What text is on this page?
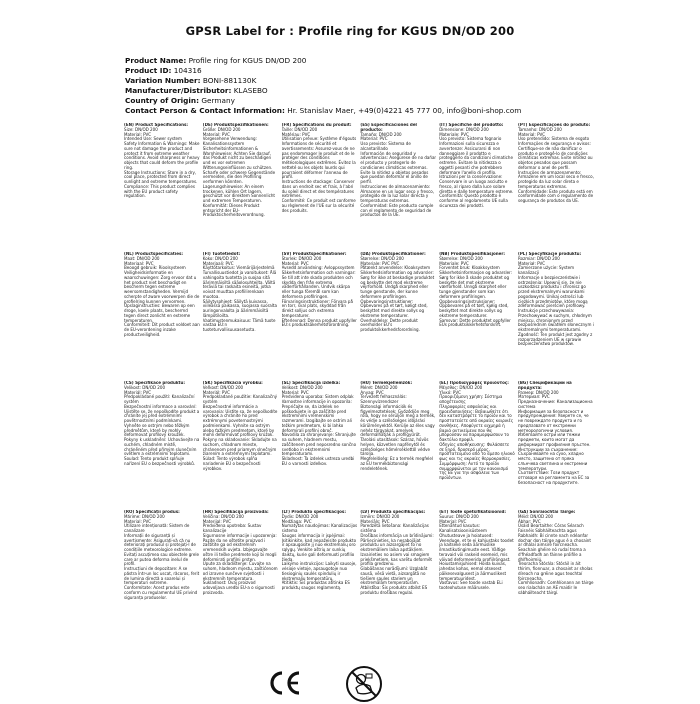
GPSR Label for : Profile ring for KGUS DN/OD 200
Product Name: Profile ring for KGUS DN/OD 200
Product ID: 104316
Variation Number: BONI-881130K
Manufacturer/Distributor: KLASEBO
Country of Origin: Germany
Contact Person & Contact Information: Hr. Stanislav Maer, +49(0)4221 45 777 00, info@boni-shop.com
(EN) Product Specifications:
Size: DN/OD 200
Material: PVC
Intended Use: Sewer system
Safety Information & Warnings: Make sure not damage the product and protect it from extreme weather conditions. Avoid sharpness or heavy objects that could deform the profile ring.
Storage Instructions: Store in a dry, cool place, protected from direct sunlight and extreme temperatures.
Compliance: This product complies with the EU product safety regulation.
(DE) Produktspezifikationen:
Größe: DN/OD 200
Material: PVC
Vorgesehene Verwendung: Kanalisationssystem
Sicherheitsinformationen & Warnhinweise: Achten Sie darauf, das Produkt nicht zu beschädigen und es vor extremen Witterungseinflüssen zu schützen. Scharfe oder schwere Gegenstände vermeiden, die den Profilring verformen könnten.
Lagerungshinweise: An einem trockenen, kühlen Ort lagern, geschützt vor direktem Sonnenlicht und extremen Temperaturen.
Konformität: Dieses Produkt entspricht der EU-Produktsicherheitsverordnung.
(FR) Spécifications du produit:
Taille: DN/OD 200
Matériau: PVC
Utilisation prévue: Système d'égouts
Informations de sécurité et avertissements: Assurez-vous de ne pas endommager le produit et de le protéger des conditions météorologiques extrêmes. Évitez la netteté ou les objets lourds qui pourraient déformer l'anneau de profil.
Instructions de stockage: Conserver dans un endroit sec et frais, à l'abri du soleil direct et des températures extrêmes.
Conformité: Ce produit est conforme au règlement de l'UE sur la sécurité des produits.
(ES) Especificaciones del producto:
Tamaño: DN/OD 200
Material: PVC
Uso previsto: Sistema de alcantarillado
Información de seguridad y advertencias: Asegúrese de no dañar el producto y protegerlo de condiciones climáticas extremas. Evite la nitidez u objetos pesados que puedan deformar el anillo de perfil.
Instrucciones de almacenamiento: Almacene en un lugar seco y fresco, protegido de la luz solar directa y temperaturas extremas.
Conformidad: Este producto cumple con el reglamento de seguridad de productos de la UE.
(IT) Specifiche del prodotto:
Dimensione: DN/OD 200
Materiale: PVC
Uso previsto: Sistema fognario
Informazioni sulla sicurezza e avvertenze: Assicurarsi di non danneggiare il prodotto e proteggerlo da condizioni climatiche estreme. Evitare la nitidezza o oggetti pesanti che potrebbero deformare l'anello di profilo.
Istruzioni per la conservazione: Conservare in un luogo asciutto e fresco, al riparo dalla luce solare diretta e dalle temperature estreme.
Conformità: Questo prodotto è conforme al regolamento UE sulla sicurezza dei prodotti.
(PT) Especificações do produto:
Tamanho: DN/OD 200
Material: PVC
Uso pretendido: Sistema de esgoto
Informações de segurança e avisos: Certifique-se de não danificar o produto e protegê-lo de condições climáticas extremas. Evite nitidez ou objetos pesados que possam deformar o anel de perfil.
Instruções de armazenamento: Armazene em um local seco e fresco, protegido da luz solar direta e temperaturas extremas.
Conformidade: Este produto está em conformidade com o regulamento de segurança de produtos da UE.
(NL) Productspecificaties:
Maat: DN/OD 200
Materiaal: PVC
Beoogd gebruik: Rioolsysteem
Veiligheidsinformatie en waarschuwingen: Zorg ervoor dat u het product niet beschadigt en bescherm tegen extreme weersomstandigheden. Vermijd scherpte of zware voorwerpen die de profielring kunnen vervormen.
Opslaginstructies: Bewaren op een droge, koele plaats, beschermd tegen direct zonlicht en extreme temperaturen.
Conformiteit: Dit product voldoet aan de EU-verordening inzake productveiligheid.
(FI) Tuotetiedot:
Koko: DN/OD 200
Materiaali: PVC
Käyttötarkoitus: Viemärijärjestelmä
Turvallisuustiedot ja varoitukset: Älä vahingoita tuotetta ja suojaa sitä äärimmäisiltä sääolosuhteilta. Vältä teräviä tai raskaita esineitä, jotka voivat muuttaa profiilirenkaan muotoa.
Säilytysohjeet: Säilytä kuivassa, viileässä paikassa, suojassa suoralta auringonvalolta ja äärimmäisiltä lämpötiloilta.
Vaatimustenmukaisuus: Tämä tuote vastaa EU:n tuoteturvallisuusasetusta.
(SV) Produktspecifikationer:
Storlek: DN/OD 200
Material: PVC
Avsedd användning: Avloppssystem
Säkerhetsinformation och varningar: Se till att inte skada produkten och skydda den från extrema väderförhållanden. Undvik skärpa eller tunga föremål som kan deformera profilringen.
Förvaringsinstruktioner: Förvara på en torr, sval plats, skyddad från direkt solljus och extrema temperaturer.
Efterlevnad: Denna produkt uppfyller EU:s produktsäkerhetsförordning.
(DA) Produktspecifikationer:
Størrelse: DN/OD 200
Materiale: PVC PVC
Påtænkt anvendelse: Kloaksystem
Sikkerhedsinformation og advarsler: Sørg for ikke at beskadige produktet og beskytte det mod ekstreme vejrforhold. Undgå skarphed eller tunge genstande, der kunne deformere profilringen.
Opbevaringsinstruktioner: Opbevares på et tørt, køligt sted, beskyttet mod direkte sollys og ekstreme temperaturer.
Overholdelse: Dette produkt overholder EU's produktsikkerhedsforordning.
(NB) Produktspesifikasjoner:
Størrelse: DN/OD 200
Materiale: PVC
Forventet bruk: Kloakksystem
Sikkerhetsinformasjon og advarsler: Sørg for ikke å skade produktet og beskytte det mot ekstreme værforhold. Unngå skarphet eller tunge gjenstander som kan deformere profilringen.
Oppbevaringsinstruksjoner: Oppbevares på et tørt, kjølig sted, beskyttet mot direkte sollys og ekstreme temperaturer.
Samsvar: Dette produktet oppfyller EUs produktsikkerhetsforskrift.
(PL) Specyfikacje produktu:
Rozmiar: DN/OD 200
Materiał: PVC
Zamierzone użycie: System kanalizacji
Informacje o bezpieczeństwie i ostrzeżenia: Upewnij się, że nie uszkodzisz produktu i chronisz go przed ekstremalnymi warunkami pogodowymi. Unikaj ostrości lub ciężkich przedmiotów, które mogą zdeformować pierścień profilowy.
Instrukcje przechowywania: Przechowywać w suchym, chłodnym miejscu, chronionym przed bezpośrednim światłem słonecznym i ekstremalnymi temperaturami.
Zgodność: Ten produkt jest zgodny z rozporządzeniem UE w sprawie bezpieczeństwa produktów.
(CS) Specifikace produktu:
Velikost: DN/OD 200
Materiál: PVC
Předpokládané použití: Kanalizační systém
Bezpečnostní informace a varování: Ujistěte se, že nepoškodíte produkt a chráníte jej před extrémními povětrnostními podmínkami. Vyhněte se ostrým nebo těžkým předmětům, které by mohly deformovat profilový kroužek.
Pokyny k uskladnění: Uchovávejte na suchém, chladném místě, chráněném před přímým slunečním světlem a extrémními teplotami.
Soulad: Tento produkt splňuje nařízení EU o bezpečnosti výrobků.
(SK) Špecifikácia výrobku:
Veľkosť: DN/OD 200
Materiál: PVC
Predpokladané použitie: Kanalizačný systém
Bezpečnostné informácie a varovania: Uistite sa, že nepoškodíte výrobok a chránite ho pred extrémnymi poveternostnými podmienkami. Vyhnite sa ostrým alebo ťažkým predmetom, ktoré by mohli deformovať profilový krúžok.
Pokyny na skladovanie: Skladujte na suchom, chladnom mieste, chránenom pred priamym slnečným žiarením a extrémnymi teplotami.
Súlad: Tento výrobok spĺňa nariadenie EÚ o bezpečnosti výrobkov.
(SL) Specifikacija izdelka:
Velikost: DN/OD 200
Material: PVC
Predvidena uporaba: Sistem odplak
Varnostne informacije in opozorila: Prepričajte se, da izdelek ne poškodujete in ga zaščitite pred ekstremnimi vremenskimi razmerami. Izogibajte se ostrim ali težkim predmetom, ki bi lahko deformirali profilni obroč.
Navodila za shranjevanje: Shranjujte na suhem, hladnem mestu, zaščitenem pred neposredno sončno svetlobo in ekstremnimi temperaturami.
Skladnost: Ta izdelek ustreza uredbi EU o varnosti izdelkov.
(HU) Termékjellemzők:
Méret: DN/OD 200
Anyag: PVC
Tervezett felhasználás: Szennyvízrendszer
Biztonsági információk és figyelmeztetések: Győződjön meg róla, hogy ne sérüljön meg a termék, és védje a szélsőséges időjárási körülményektől. Kerülje az éles vagy nehéz tárgyakat, amelyek deformálhatják a profilgyűrűt.
Tárolási utasítások: Száraz, hűvös helyen, közvetlen napfénytől és szélsőséges hőmérséklettől védve tárolja.
Megfelelőség: Ez a termék megfelel az EU termékbiztonsági rendeletének.
(EL) Προδιαγραφές προϊόντος:
Μέγεθος: DN/OD 200
Υλικό: PVC
Προοριζόμενη χρήση: Σύστημα αποχέτευσης
Πληροφορίες ασφαλείας και προειδοποιήσεις: Βεβαιωθείτε ότι δεν καταστρέφετε το προϊόν και το προστατεύετε από ακραίες καιρικές συνθήκες. Αποφύγετε αιχμηρά ή βαριά αντικείμενα που θα μπορούσαν να παραμορφώσουν το δακτύλιο προφίλ.
Οδηγίες αποθήκευσης: Φυλάσσετε σε ξηρό, δροσερό μέρος, προστατευμένο από το άμεσο ηλιακό φως και τις ακραίες θερμοκρασίες.
Συμμόρφωση: Αυτό το προϊόν συμμορφώνεται με τον κανονισμό της ΕΕ για την ασφάλεια των προϊόντων.
(BG) Спецификации на продукта:
Размер: DN/OD 200
Материал: PVC
Предназначение: Канализационна система
Информация за безопасност и предупреждения: Уверете се, че не повреждате продукта и го предпазвате от екстремни метеорологични условия. Избягвайте остри или тежки предмети, които могат да деформират профилния пръстен.
Инструкции за съхранение: Съхранявайте на сухо, хладно място, защитено от пряка слънчева светлина и екстремни температури.
Съответствие: Този продукт отговаря на регламента на ЕС за безопасност на продуктите.
(RO) Specificații produs:
Mărime: DN/OD 200
Material: PVC
Utilizare intenționată: Sistem de canalizare
Informații de siguranță și avertismente: Asigurați-vă că nu deteriorați produsul și protejați-l de condițiile meteorologice extreme. Evitați ascuțimea sau obiectele grele care ar putea deforma inelul de profil.
Instrucțiuni de depozitare: A se păstra într-un loc uscat, răcoros, ferit de lumina directă a soarelui și temperaturi extreme.
Conformitate: Acest produs este conform cu regulamentul UE privind siguranța produselor.
(HR) Specifikacija proizvoda:
Veličina: DN/OD 200
Materijal: PVC
Predviđena upotreba: Sustav kanalizacije
Sigurnosne informacije i upozorenja: Pazite da ne oštetite proizvod i zaštitite ga od ekstremnih vremenskih uvjeta. Izbjegavajte oštre ili teške predmete koji bi mogli deformirati profilni prsten.
Upute za skladištenje: Čuvajte na suhom, hladnom mjestu, zaštićenom od izravne sunčeve svjetlosti i ekstremnih temperatura.
Sukladnost: Ovaj proizvod udovoljava uredbi EU-a o sigurnosti proizvoda.
(LT) Produkto specifikacijos:
Dydis: DN/OD 200
Medžiaga: PVC
Numatytas naudojimas: Kanalizacijos sistema
Saugos informacija ir įspėjimai: Įsitikinkite, kad nepažeisite produkto ir apsaugosite jį nuo ekstremalių oro sąlygų. Venkite aštrių ar sunkių daiktų, kurie gali deformuoti profilio žiedą.
Laikymo instrukcijos: Laikyti sausoje, vėsioje vietoje, apsaugotoje nuo tiesioginių saulės spindulių ir ekstremalių temperatūrų.
Atitiktis: Šis produktas atitinka ES produktų saugos reglamentą.
(LV) Produkta specifikācijas:
Izmērs: DN/OD 200
Materiāls: PVC
Paredzētā lietošana: Kanalizācijas sistēma
Drošības informācija un brīdinājumi: Pārliecinieties, ka nesabojājat produktu un aizsargājiet to no ekstremāliem laika apstākļiem. Izvairieties no asiem vai smagiem priekšmetiem, kas varētu deformēt profila gredzenu.
Glabāšanas norādījumi: Uzglabāt sausā, vēsā vietā, aizsargātā no tiešiem saules stariem un ekstremālām temperatūrām.
Atbilstība: Šis produkts atbilst ES produktu drošības regulai.
(ET) Toote spetsifikatsioonid:
Suurus: DN/OD 200
Materjal: PVC
Ettenähtud kasutus: Kanalisatsioonisüsteem
Ohutusteave ja hoiatused: Veenduge, et te ei kahjustaks toodet ja kaitseke seda äärmuslike ilmastikutingimuste eest. Vältige teravaid või raskeid esemeid, mis võivad deformeerida profiilrõngast.
Hoiustamisjuhised: Hoida kuivas, jahedas kohas, eemal otsesest päikesevalgusest ja äärmuslikest temperatuuridest.
Vastavus: See toode vastab ELi tooteohutuse määrusele.
(GA) Sonraíochtaí Táirge:
Méid: DN/OD 200
Ábhar: PVC
Úsáid Beartaithe: Córas Séarach
Faisnéis Sábháilteachta agus Rabhaidh: Bí cinnte nach ndéanfar dochar don táirge agus é a chosaint ar dhálaí aimsire foircneacha. Seachain ghéire nó rudaí troma a d'fhéadfadh an fáinne próifíle a dhífhoirmiú.
Treoracha Stórála: Stóráil in áit thirim, fionnuar, a chosaint ar sholas díreach na gréine agus teochtaí foircneacha.
Comhlíonadh: Comhlíonann an táirge seo rialachán an AE maidir le sábháilteacht táirgí.
